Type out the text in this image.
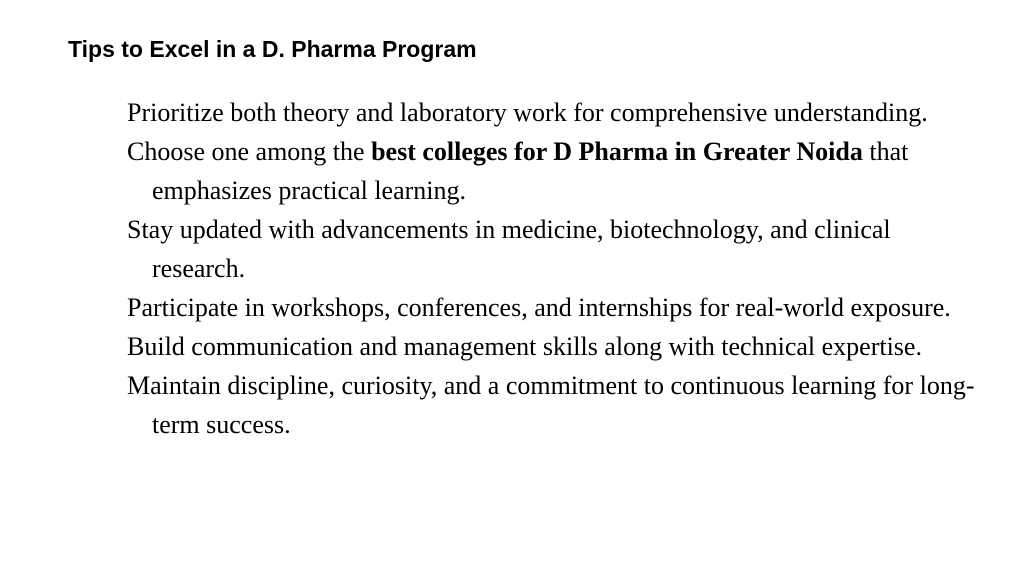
Tips to Excel in a D. Pharma Program
Prioritize both theory and laboratory work for comprehensive understanding.
Choose one among the best colleges for D Pharma in Greater Noida that emphasizes practical learning.
Stay updated with advancements in medicine, biotechnology, and clinical research.
Participate in workshops, conferences, and internships for real-world exposure.
Build communication and management skills along with technical expertise.
Maintain discipline, curiosity, and a commitment to continuous learning for long-term success.
